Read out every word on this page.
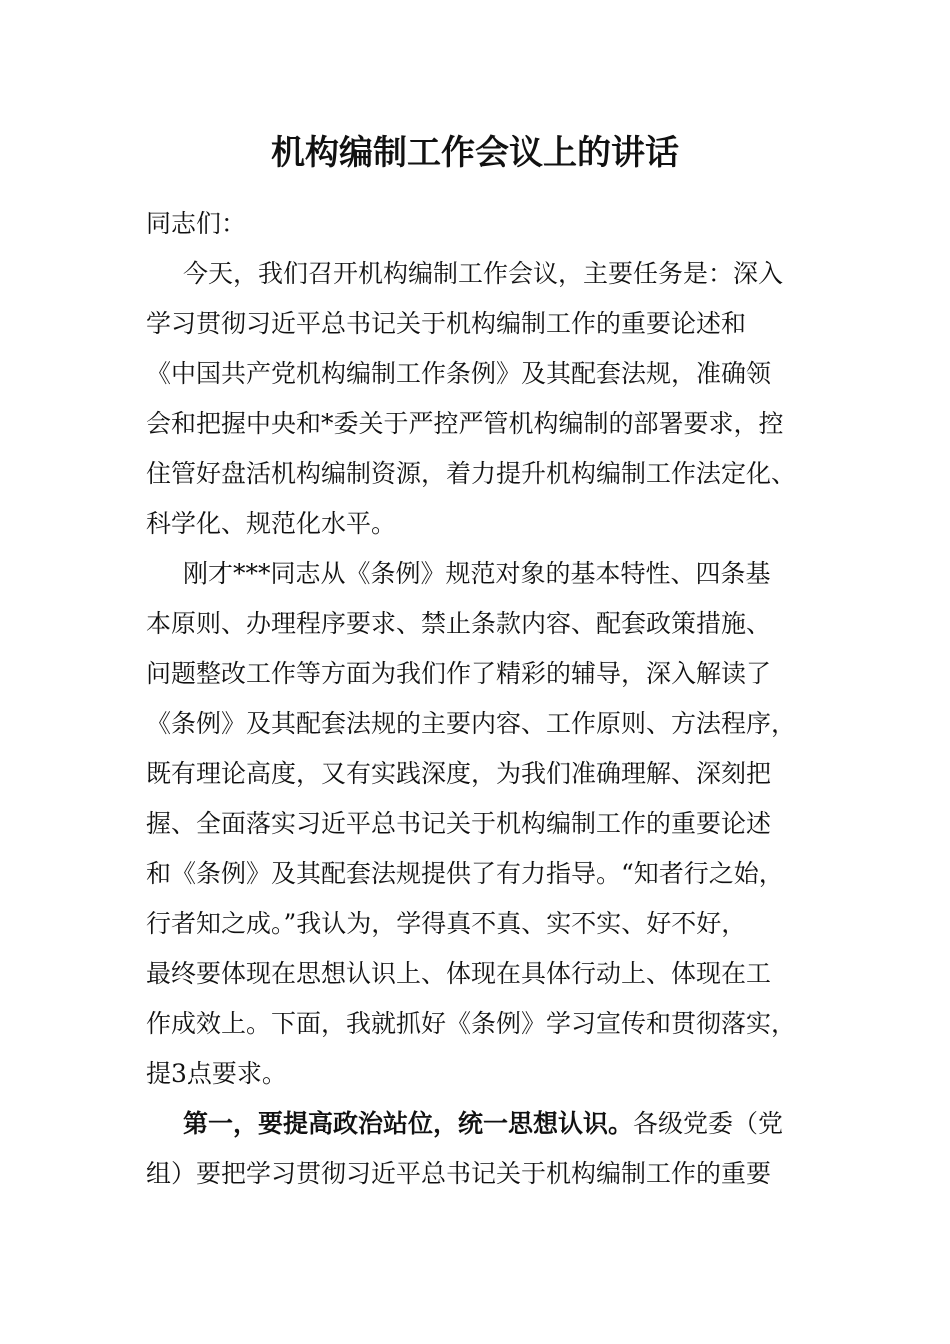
机构编制工作会议上的讲话

同志们：

今天，我们召开机构编制工作会议，主要任务是：深入

学习贯彻习近平总书记关于机构编制工作的重要论述和

《中国共产党机构编制工作条例》及其配套法规，准确领

会和把握中央和*委关于严控严管机构编制的部署要求，控

住管好盘活机构编制资源，着力提升机构编制工作法定化、

科学化、规范化水平。

刚才***同志从《条例》规范对象的基本特性、四条基

本原则、办理程序要求、禁止条款内容、配套政策措施、

问题整改工作等方面为我们作了精彩的辅导，深入解读了

《条例》及其配套法规的主要内容、工作原则、方法程序，

既有理论高度，又有实践深度，为我们准确理解、深刻把

握、全面落实习近平总书记关于机构编制工作的重要论述

和《条例》及其配套法规提供了有力指导。“知者行之始，

行者知之成。”我认为，学得真不真、实不实、好不好，

最终要体现在思想认识上、体现在具体行动上、体现在工

作成效上。下面，我就抓好《条例》学习宣传和贯彻落实，

提3点要求。

第一，要提高政治站位，统一思想认识。各级党委（党

组）要把学习贯彻习近平总书记关于机构编制工作的重要
